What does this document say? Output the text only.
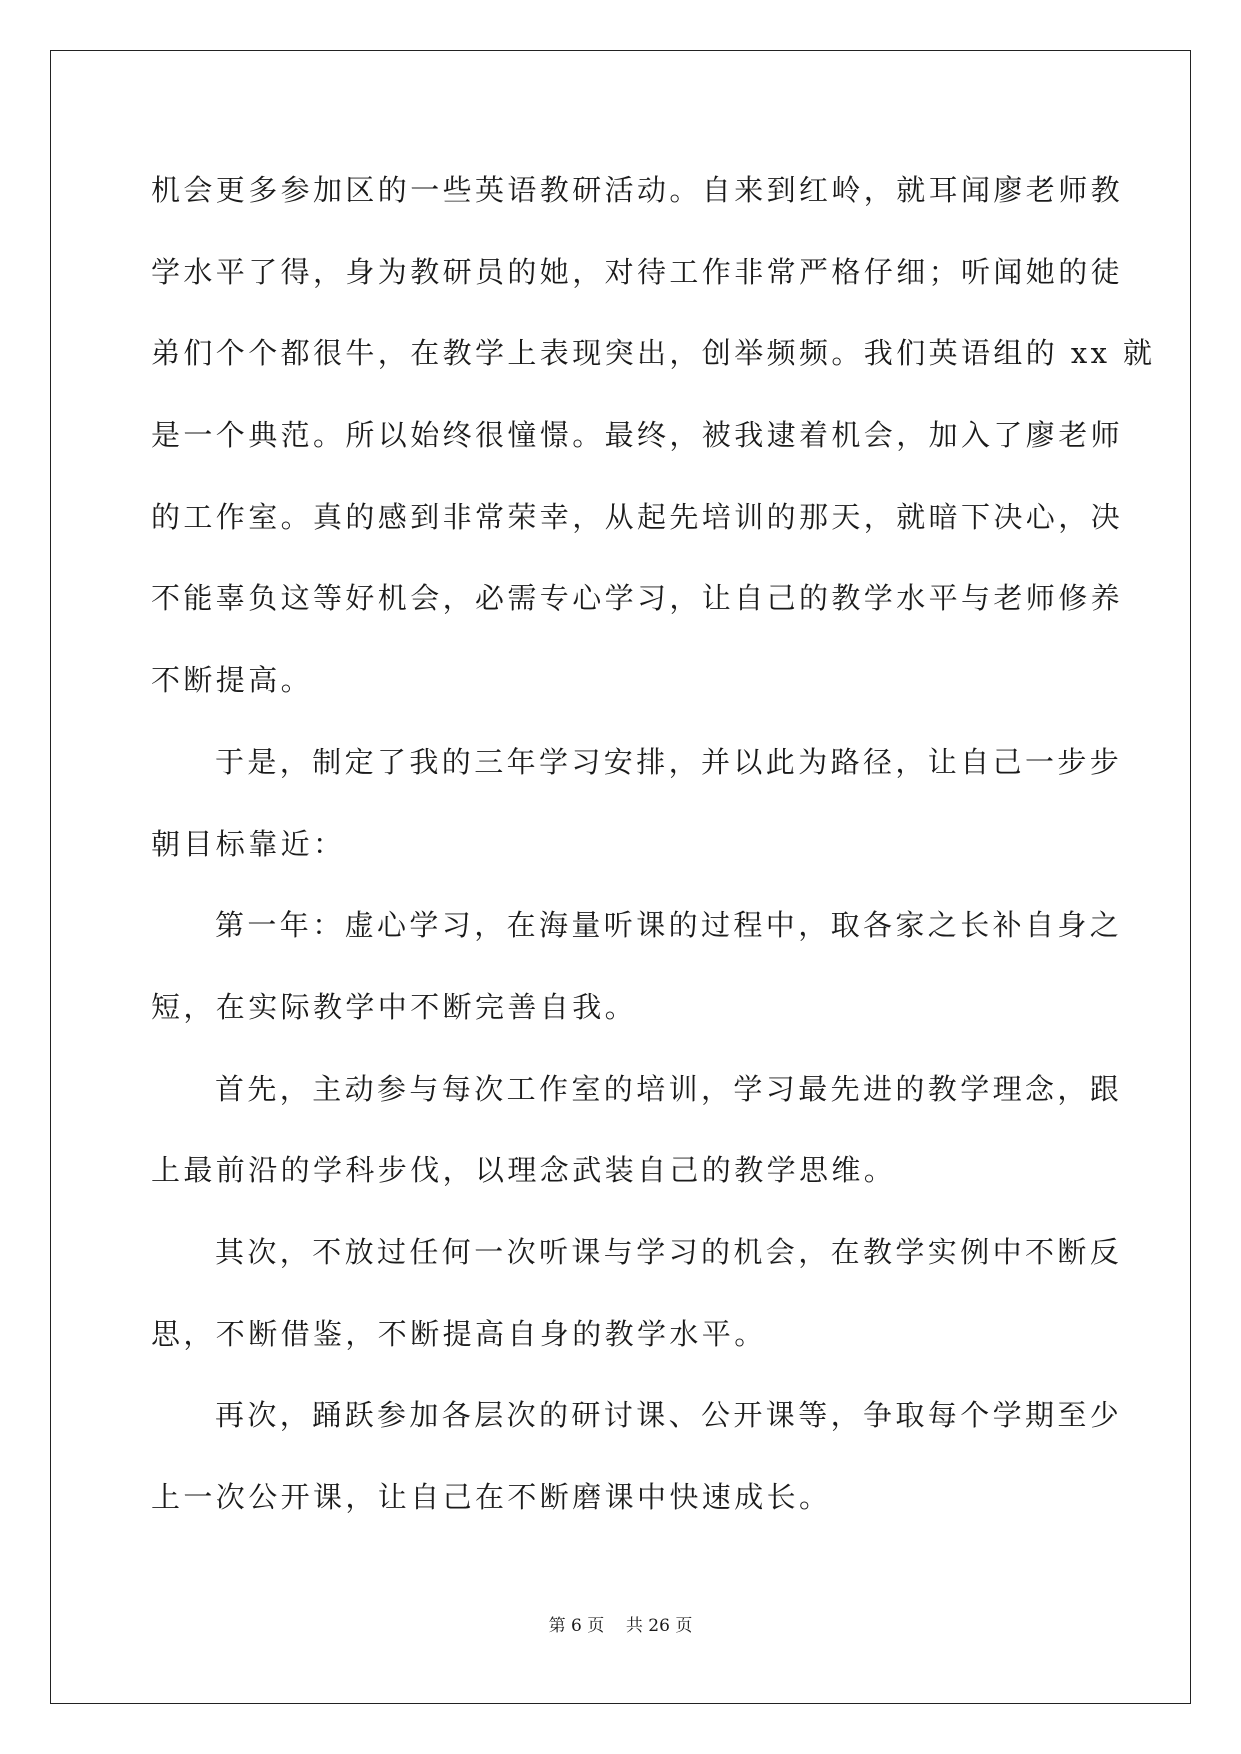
机会更多参加区的一些英语教研活动。自来到红岭，就耳闻廖老师教
学水平了得，身为教研员的她，对待工作非常严格仔细；听闻她的徒
弟们个个都很牛，在教学上表现突出，创举频频。我们英语组的 xx 就
是一个典范。所以始终很憧憬。最终，被我逮着机会，加入了廖老师
的工作室。真的感到非常荣幸，从起先培训的那天，就暗下决心，决
不能辜负这等好机会，必需专心学习，让自己的教学水平与老师修养
不断提高。
于是，制定了我的三年学习安排，并以此为路径，让自己一步步
朝目标靠近：
第一年：虚心学习，在海量听课的过程中，取各家之长补自身之
短，在实际教学中不断完善自我。
首先，主动参与每次工作室的培训，学习最先进的教学理念，跟
上最前沿的学科步伐，以理念武装自己的教学思维。
其次，不放过任何一次听课与学习的机会，在教学实例中不断反
思，不断借鉴，不断提高自身的教学水平。
再次，踊跃参加各层次的研讨课、公开课等，争取每个学期至少
上一次公开课，让自己在不断磨课中快速成长。
第 6 页    共 26 页
